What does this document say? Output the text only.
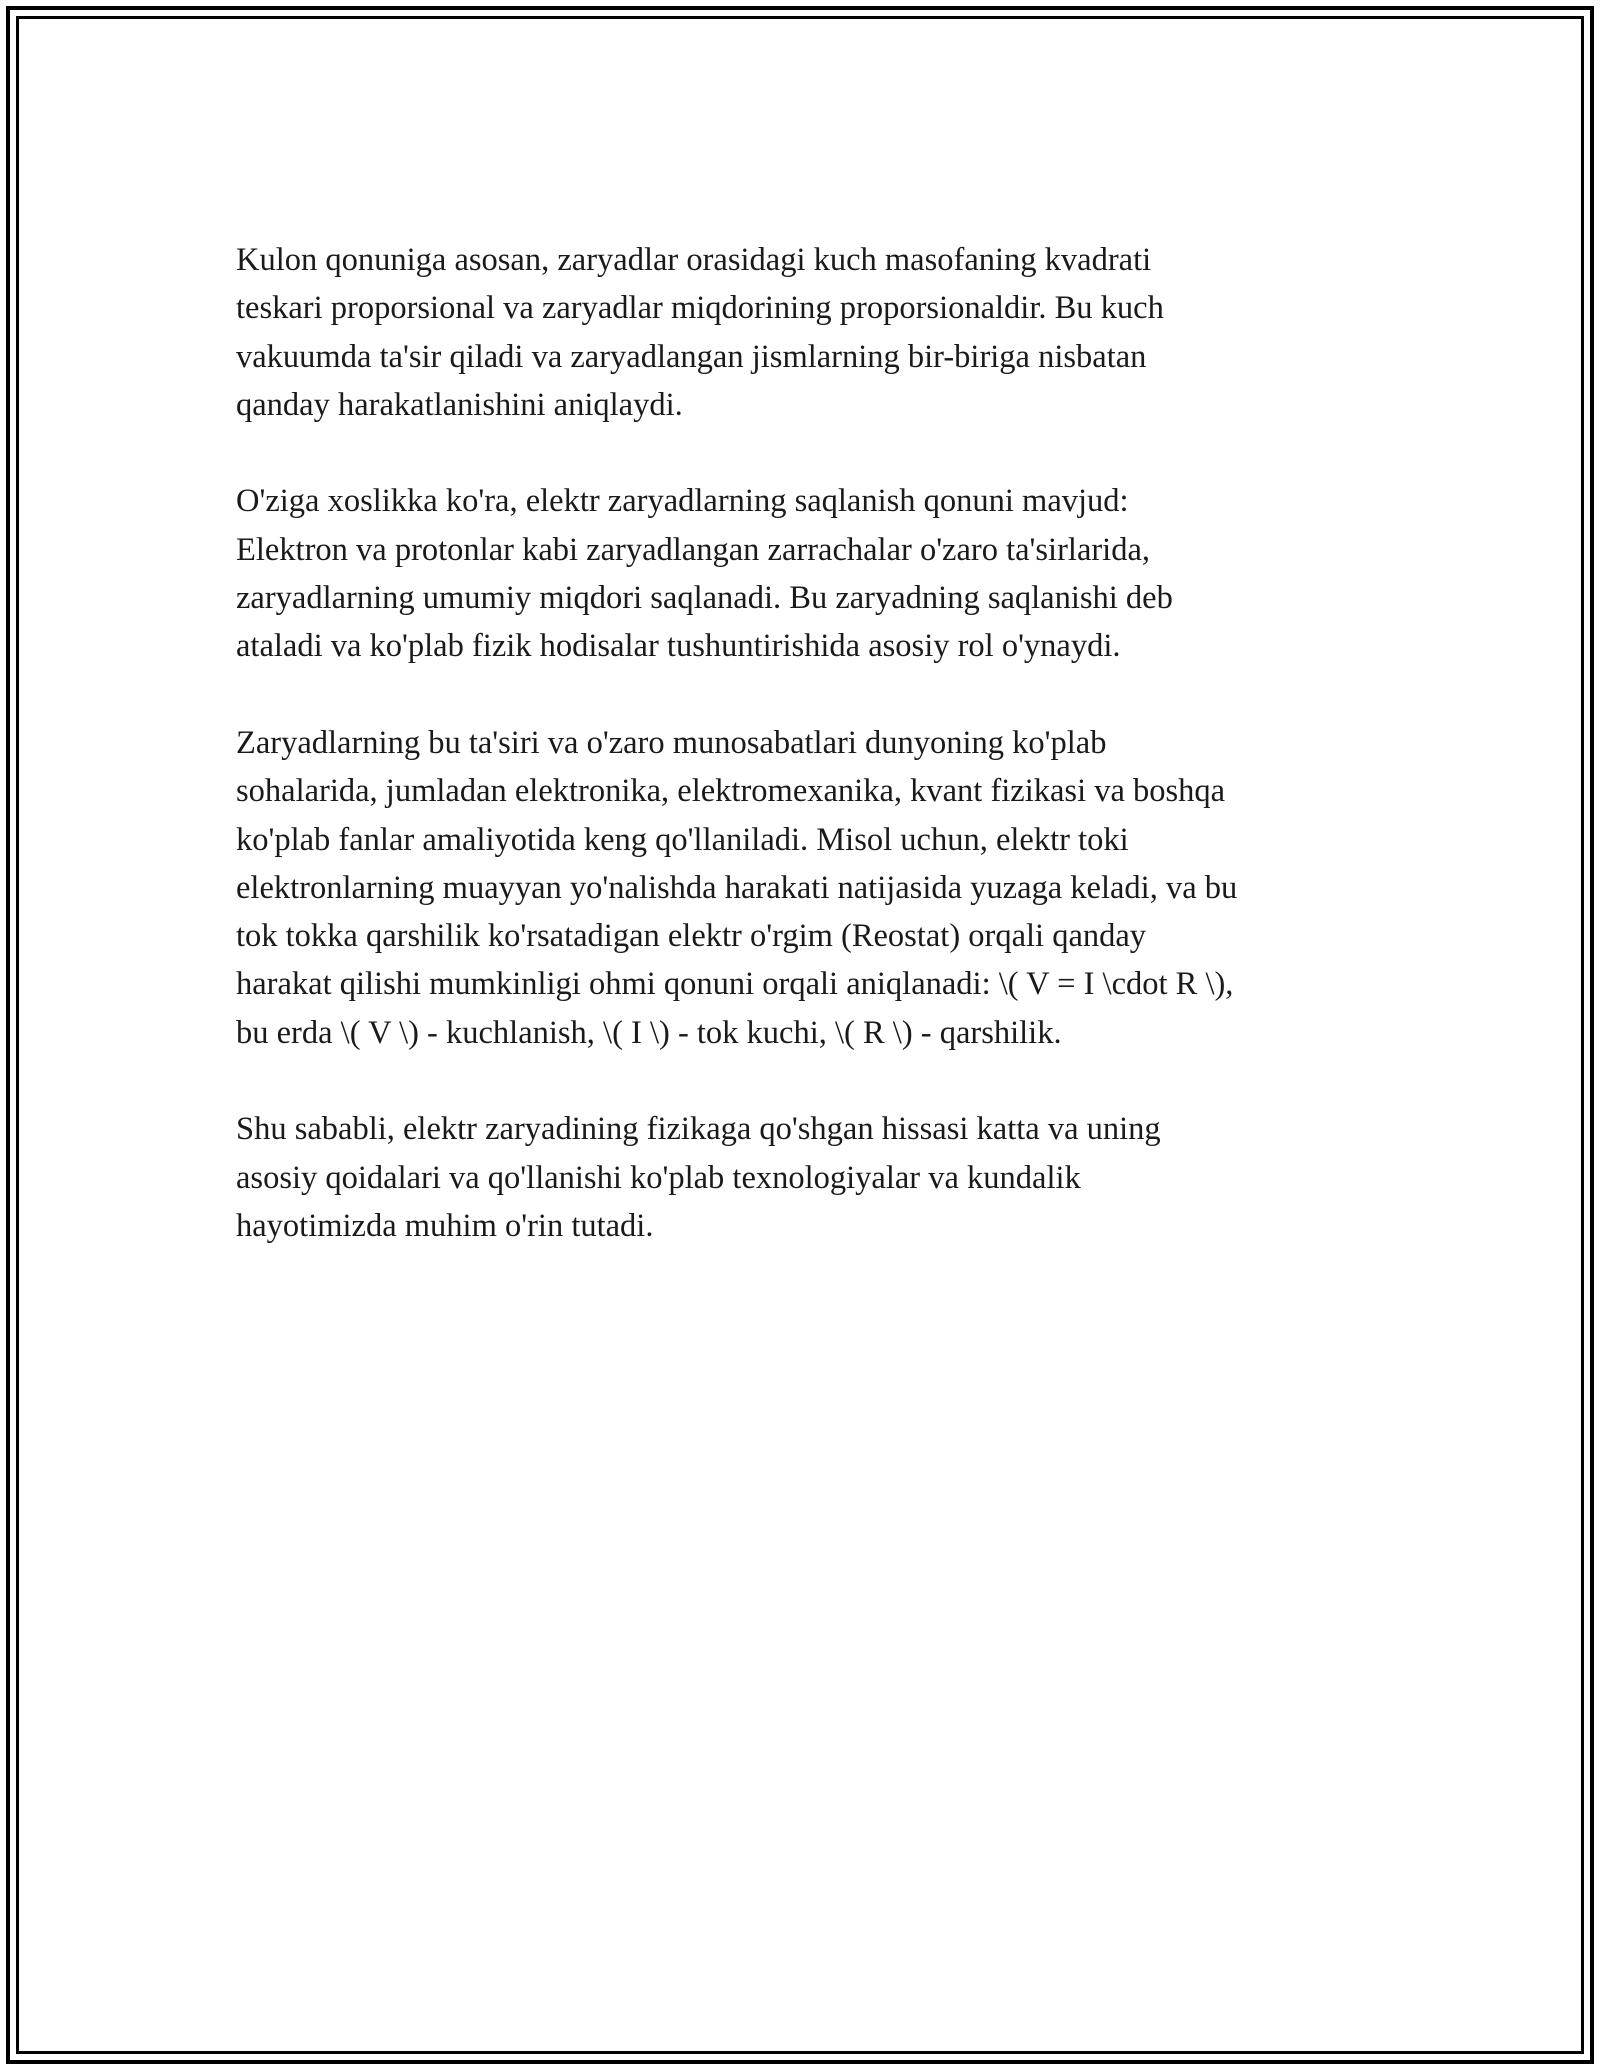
Kulon qonuniga asosan, zaryadlar orasidagi kuch masofaning kvadrati
teskari proporsional va zaryadlar miqdorining proporsionaldir. Bu kuch
vakuumda ta'sir qiladi va zaryadlangan jismlarning bir-biriga nisbatan
qanday harakatlanishini aniqlaydi.

O'ziga xoslikka ko'ra, elektr zaryadlarning saqlanish qonuni mavjud:
Elektron va protonlar kabi zaryadlangan zarrachalar o'zaro ta'sirlarida,
zaryadlarning umumiy miqdori saqlanadi. Bu zaryadning saqlanishi deb
ataladi va ko'plab fizik hodisalar tushuntirishida asosiy rol o'ynaydi.

Zaryadlarning bu ta'siri va o'zaro munosabatlari dunyoning ko'plab
sohalarida, jumladan elektronika, elektromexanika, kvant fizikasi va boshqa
ko'plab fanlar amaliyotida keng qo'llaniladi. Misol uchun, elektr toki
elektronlarning muayyan yo'nalishda harakati natijasida yuzaga keladi, va bu
tok tokka qarshilik ko'rsatadigan elektr o'rgim (Reostat) orqali qanday
harakat qilishi mumkinligi ohmi qonuni orqali aniqlanadi: \( V = I \cdot R \),
bu erda \( V \) - kuchlanish, \( I \) - tok kuchi, \( R \) - qarshilik.

Shu sababli, elektr zaryadining fizikaga qo'shgan hissasi katta va uning
asosiy qoidalari va qo'llanishi ko'plab texnologiyalar va kundalik
hayotimizda muhim o'rin tutadi.
